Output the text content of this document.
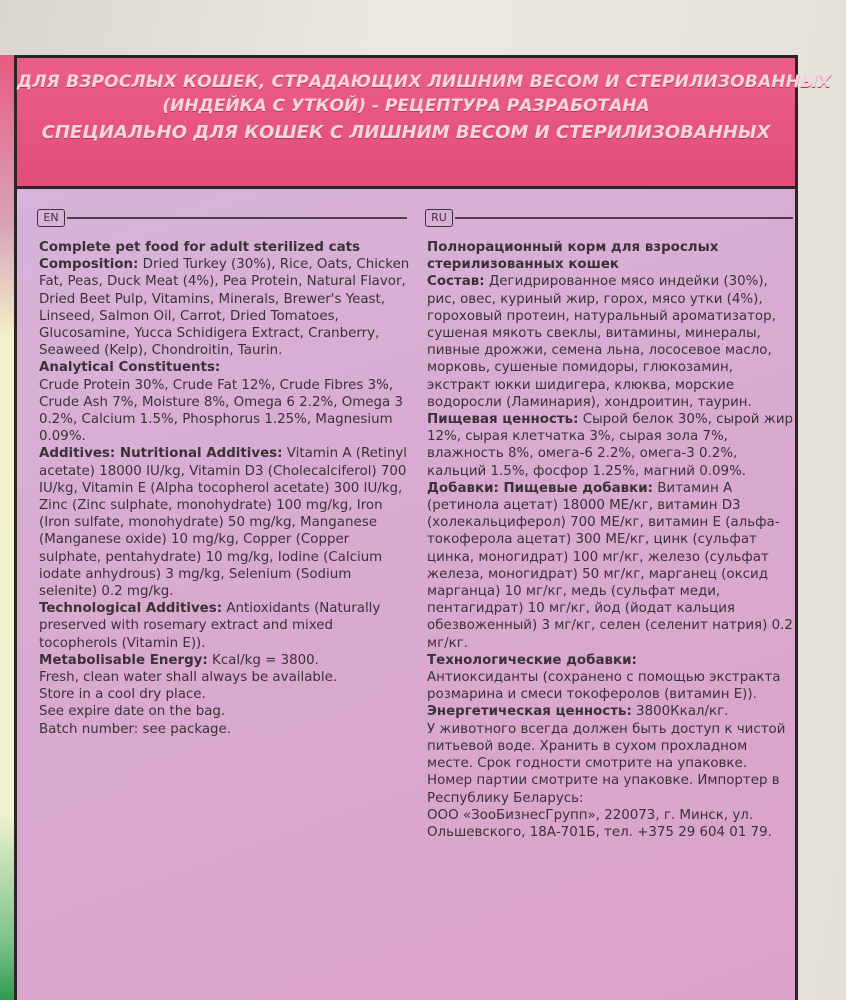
ДЛЯ ВЗРОСЛЫХ КОШЕК, СТРАДАЮЩИХ ЛИШНИМ ВЕСОМ И СТЕРИЛИЗОВАННЫХ
(ИНДЕЙКА С УТКОЙ) - РЕЦЕПТУРА РАЗРАБОТАНА
СПЕЦИАЛЬНО ДЛЯ КОШЕК С ЛИШНИМ ВЕСОМ И СТЕРИЛИЗОВАННЫХ
EN	RU

Complete pet food for adult sterilized cats

Composition: Dried Turkey (30%), Rice, Oats, Chicken Fat, Peas, Duck Meat (4%), Pea Protein, Natural Flavor, Dried Beet Pulp, Vitamins, Minerals, Brewer's Yeast, Linseed, Salmon Oil, Carrot, Dried Tomatoes, Glucosamine, Yucca Schidigera Extract, Cranberry, Seaweed (Kelp), Chondroitin, Taurin.

Analytical Constituents:

Crude Protein 30%, Crude Fat 12%, Crude Fibres 3%, Crude Ash 7%, Moisture 8%, Omega 6 2.2%, Omega 3 0.2%, Calcium 1.5%, Phosphorus 1.25%, Magnesium 0.09%.

Additives: Nutritional Additives: Vitamin A (Retinyl acetate) 18000 IU/kg, Vitamin D3 (Cholecalciferol) 700 IU/kg, Vitamin E (Alpha tocopherol acetate) 300 IU/kg, Zinc (Zinc sulphate, monohydrate) 100 mg/kg, Iron (Iron sulfate, monohydrate) 50 mg/kg, Manganese (Manganese oxide) 10 mg/kg, Copper (Copper sulphate, pentahydrate) 10 mg/kg, Iodine (Calcium iodate anhydrous) 3 mg/kg, Selenium (Sodium selenite) 0.2 mg/kg.

Technological Additives: Antioxidants (Naturally preserved with rosemary extract and mixed tocopherols (Vitamin E)).

Metabolisable Energy: Kcal/kg = 3800.

Fresh, clean water shall always be available.

Store in a cool dry place.

See expire date on the bag.

Batch number: see package.

Полнорационный корм для взрослых стерилизованных кошек

Состав: Дегидрированное мясо индейки (30%), рис, овес, куриный жир, горох, мясо утки (4%), гороховый протеин, натуральный ароматизатор, сушеная мякоть свеклы, витамины, минералы, пивные дрожжи, семена льна, лососевое масло, морковь, сушеные помидоры, глюкозамин, экстракт юкки шидигера, клюква, морские водоросли (Ламинария), хондроитин, таурин.

Пищевая ценность: Сырой белок 30%, сырой жир 12%, сырая клетчатка 3%, сырая зола 7%, влажность 8%, омега-6 2.2%, омега-3 0.2%, кальций 1.5%, фосфор 1.25%, магний 0.09%.

Добавки: Пищевые добавки: Витамин А (ретинола ацетат) 18000 МЕ/кг, витамин D3 (холекальциферол) 700 МЕ/кг, витамин Е (альфа-токоферола ацетат) 300 МЕ/кг, цинк (сульфат цинка, моногидрат) 100 мг/кг, железо (сульфат железа, моногидрат) 50 мг/кг, марганец (оксид марганца) 10 мг/кг, медь (сульфат меди, пентагидрат) 10 мг/кг, йод (йодат кальция обезвоженный) 3 мг/кг, селен (селенит натрия) 0.2 мг/кг.

Технологические добавки:

Антиоксиданты (сохранено с помощью экстракта розмарина и смеси токоферолов (витамин Е)).

Энергетическая ценность: 3800Ккал/кг.

У животного всегда должен быть доступ к чистой питьевой воде. Хранить в сухом прохладном месте. Срок годности смотрите на упаковке. Номер партии смотрите на упаковке. Импортер в Республику Беларусь:

ООО «ЗооБизнесГрупп», 220073, г. Минск, ул. Ольшевского, 18А-701Б, тел. +375 29 604 01 79.
